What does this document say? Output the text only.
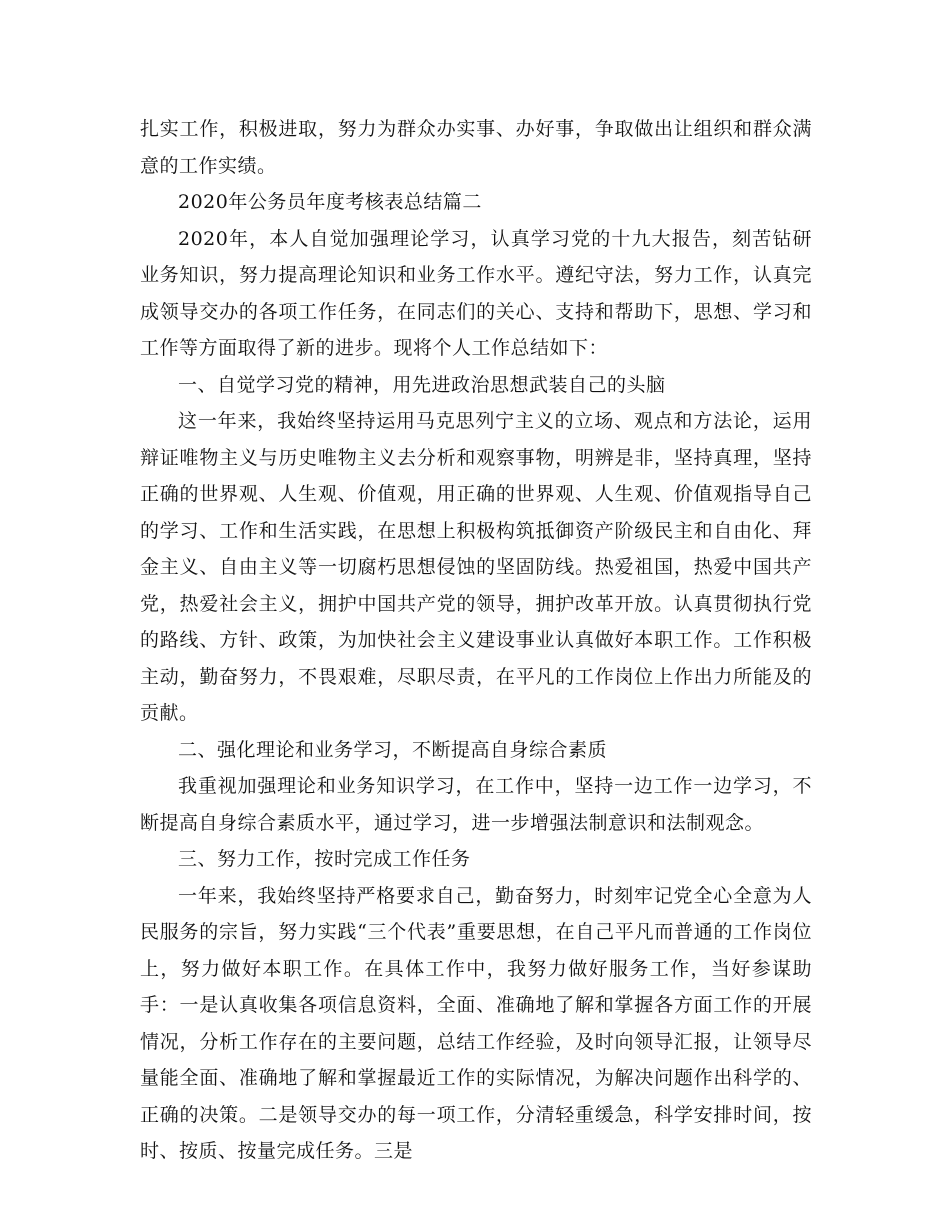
扎实工作，积极进取，努力为群众办实事、办好事，争取做出让组织和群众满意的工作实绩。

2020年公务员年度考核表总结篇二

2020年，本人自觉加强理论学习，认真学习党的十九大报告，刻苦钻研业务知识，努力提高理论知识和业务工作水平。遵纪守法，努力工作，认真完成领导交办的各项工作任务，在同志们的关心、支持和帮助下，思想、学习和工作等方面取得了新的进步。现将个人工作总结如下：

一、自觉学习党的精神，用先进政治思想武装自己的头脑

这一年来，我始终坚持运用马克思列宁主义的立场、观点和方法论，运用辩证唯物主义与历史唯物主义去分析和观察事物，明辨是非，坚持真理，坚持正确的世界观、人生观、价值观，用正确的世界观、人生观、价值观指导自己的学习、工作和生活实践，在思想上积极构筑抵御资产阶级民主和自由化、拜金主义、自由主义等一切腐朽思想侵蚀的坚固防线。热爱祖国，热爱中国共产党，热爱社会主义，拥护中国共产党的领导，拥护改革开放。认真贯彻执行党的路线、方针、政策，为加快社会主义建设事业认真做好本职工作。工作积极主动，勤奋努力，不畏艰难，尽职尽责，在平凡的工作岗位上作出力所能及的贡献。

二、强化理论和业务学习，不断提高自身综合素质

我重视加强理论和业务知识学习，在工作中，坚持一边工作一边学习，不断提高自身综合素质水平，通过学习，进一步增强法制意识和法制观念。

三、努力工作，按时完成工作任务

一年来，我始终坚持严格要求自己，勤奋努力，时刻牢记党全心全意为人民服务的宗旨，努力实践“三个代表”重要思想，在自己平凡而普通的工作岗位上，努力做好本职工作。在具体工作中，我努力做好服务工作，当好参谋助手：一是认真收集各项信息资料，全面、准确地了解和掌握各方面工作的开展情况，分析工作存在的主要问题，总结工作经验，及时向领导汇报，让领导尽量能全面、准确地了解和掌握最近工作的实际情况，为解决问题作出科学的、正确的决策。二是领导交办的每一项工作，分清轻重缓急，科学安排时间，按时、按质、按量完成任务。三是
